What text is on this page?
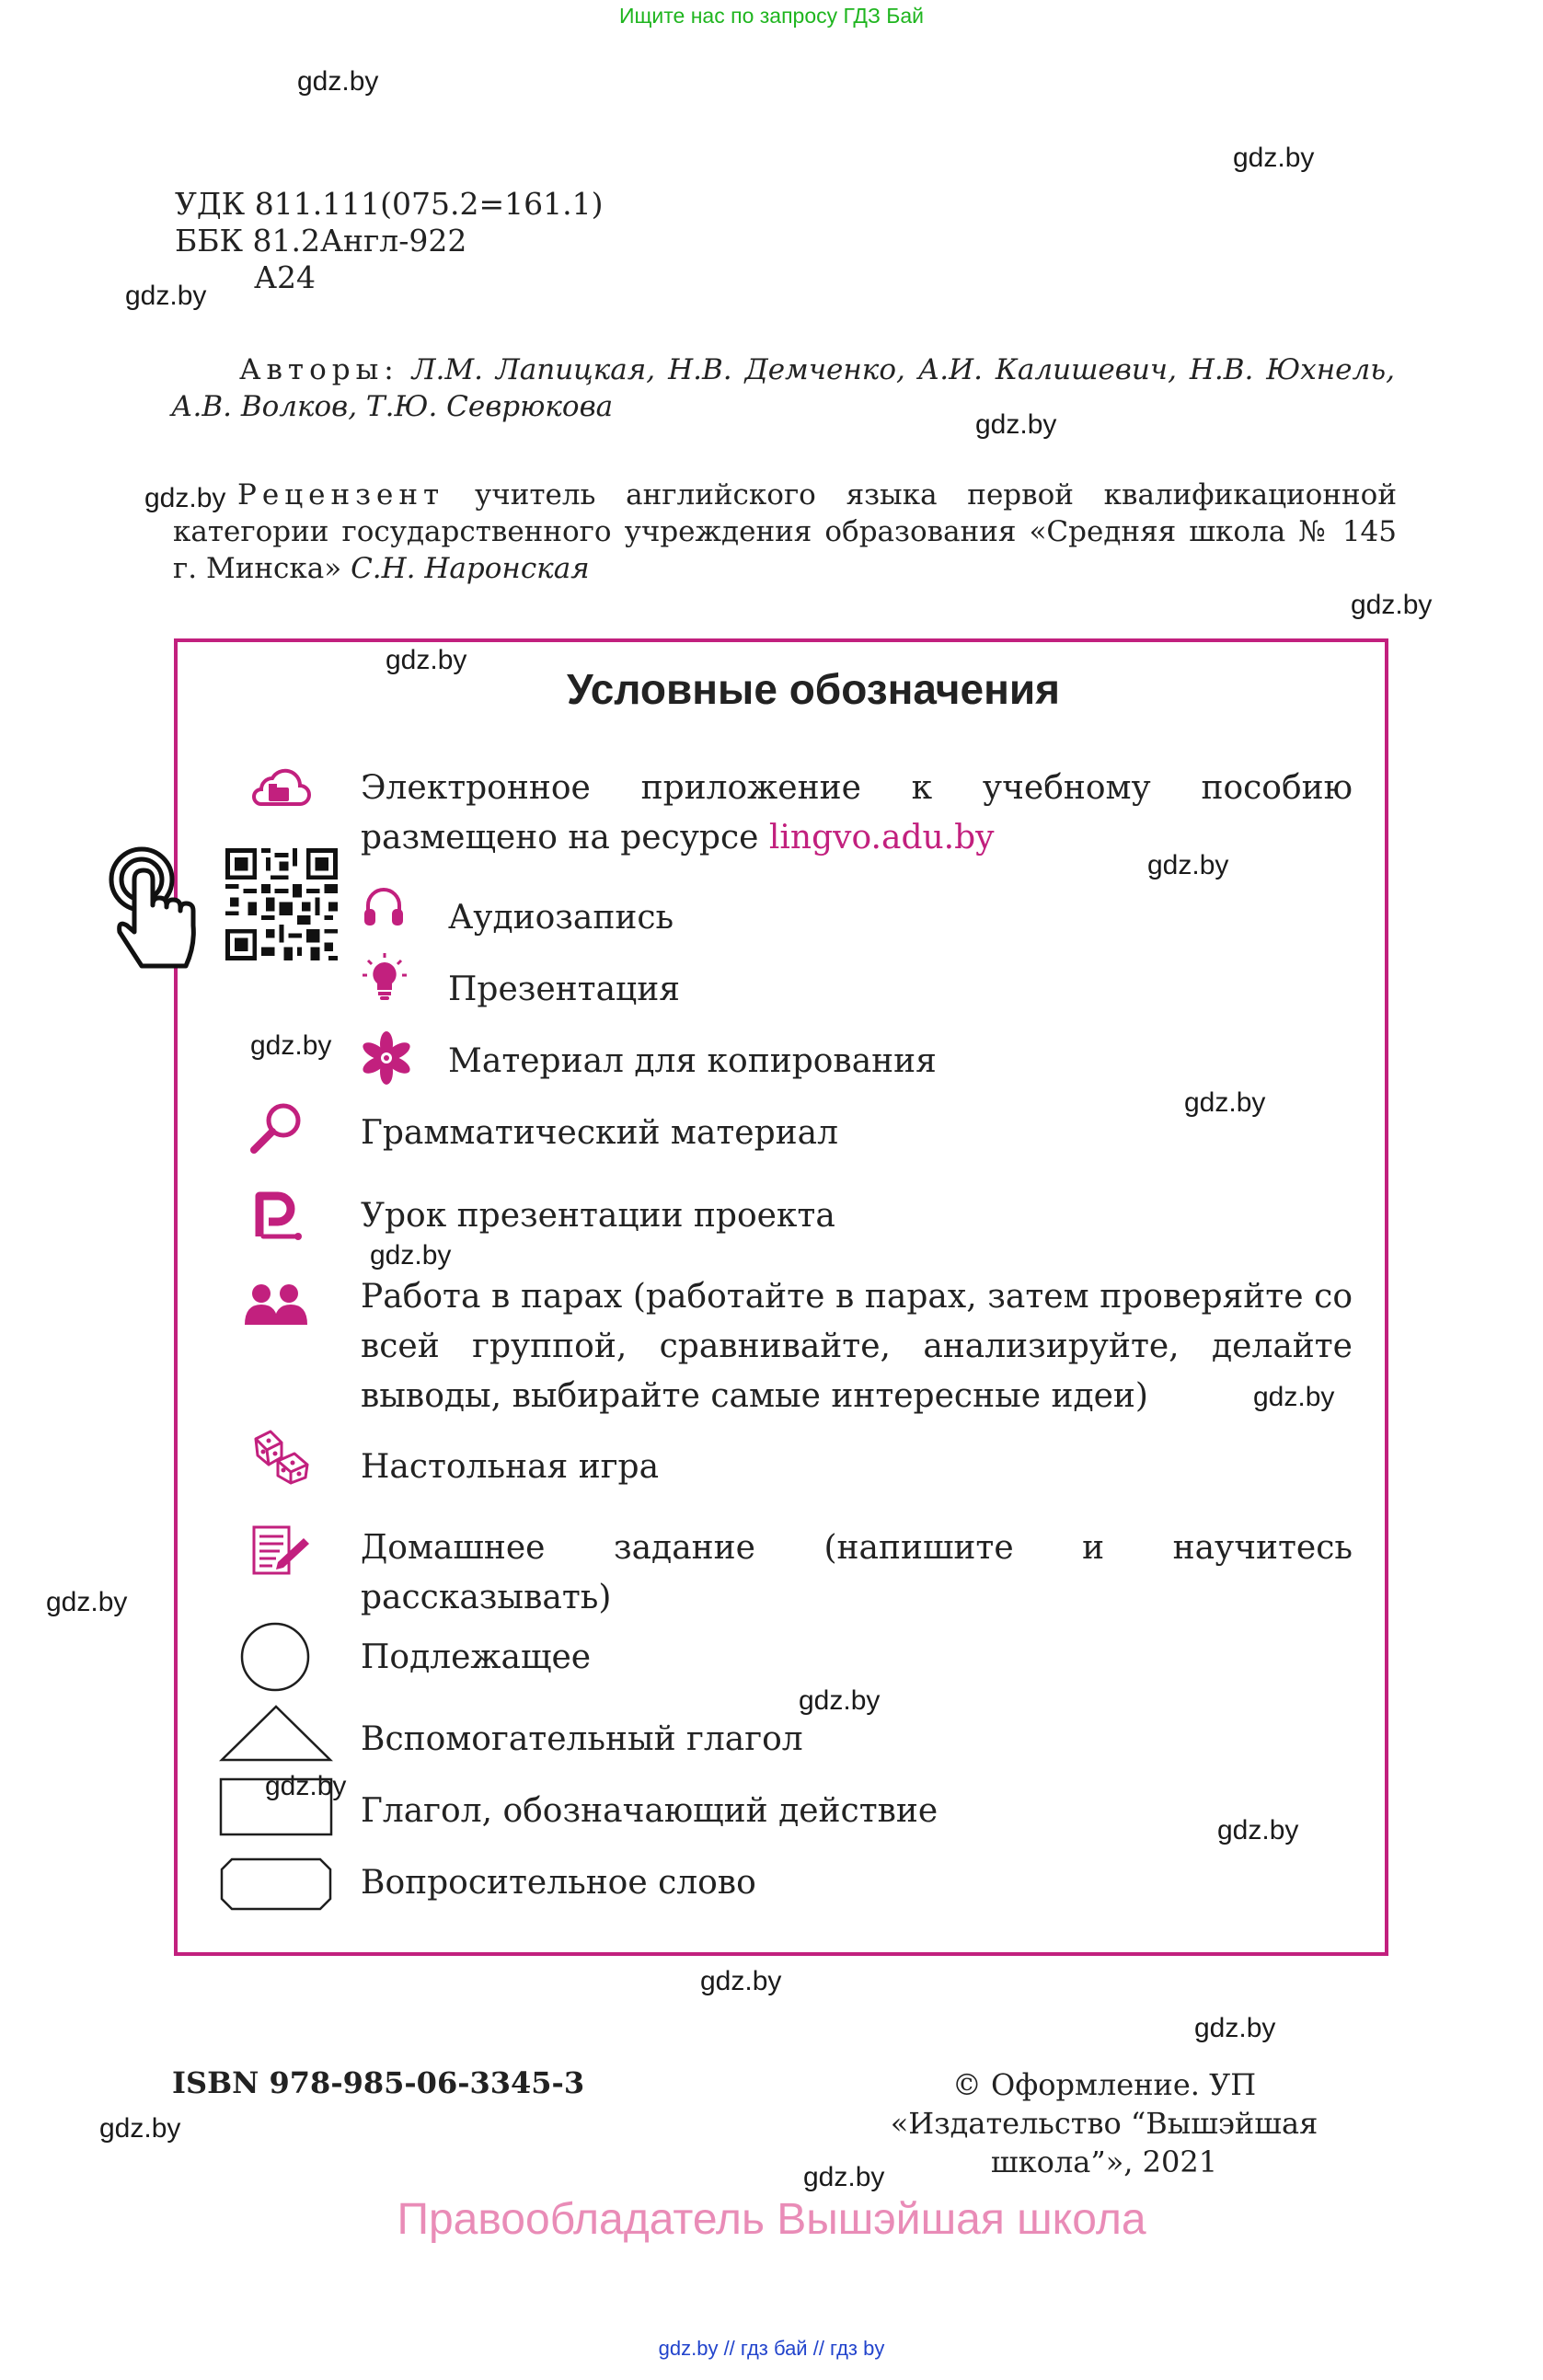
Ищите нас по запросу ГДЗ Бай
gdz.by
gdz.by
gdz.by
gdz.by
gdz.by
gdz.by
gdz.by
gdz.by
gdz.by
gdz.by
gdz.by
gdz.by
gdz.by
gdz.by
gdz.by
gdz.by
gdz.by
gdz.by
gdz.by
gdz.by
УДК 811.111(075.2=161.1)
ББК 81.2Англ-922
А24
Авторы: Л.М. Лапицкая, Н.В. Демченко, А.И. Калишевич, Н.В. Юхнель, А.В. Волков, Т.Ю. Севрюкова
Рецензент учитель английского языка первой квалификационной категории государственного учреждения образования «Средняя школа № 145 г. Минска» С.Н. Наронская
Условные обозначения
Электронное приложение к учебному пособию размещено на ресурсе lingvo.adu.by
Аудиозапись
Презентация
Материал для копирования
Грамматический материал
Урок презентации проекта
Работа в парах (работайте в парах, затем проверяйте со всей группой, сравнивайте, анализируйте, делайте выводы, выбирайте самые интересные идеи)
Настольная игра
Домашнее задание (напишите и научитесь рассказывать)
Подлежащее
Вспомогательный глагол
Глагол, обозначающий действие
Вопросительное слово
ISBN 978-985-06-3345-3	© Оформление. УП «Издательство “Вышэйшая школа”», 2021
Правообладатель Вышэйшая школа
gdz.by // гдз бай // гдз by
